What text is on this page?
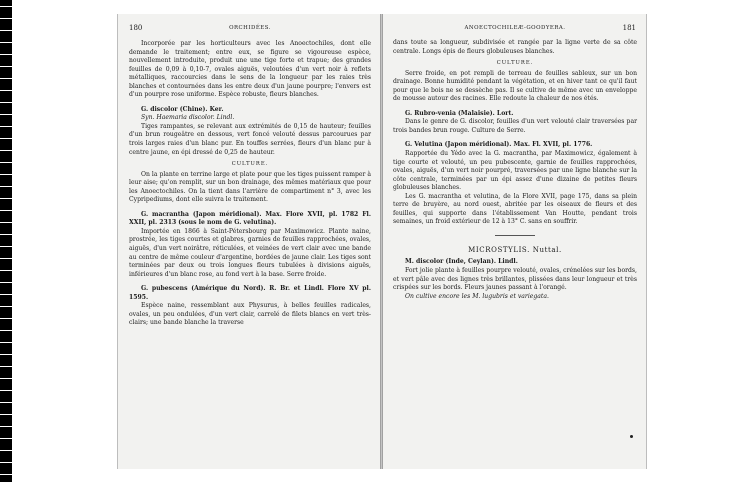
180	ORCHIDÉES.

Incorporée par les horticulteurs avec les Anoectochiles, dont elle demande le traitement; entre eux, se figure se vigoureuse espèce, nouvellement introduite, produit une une tige forte et trapue; des grandes feuilles de 0,09 à 0,10-7, ovales aiguës, veloutées d'un vert noir à reflets métalliques, raccourcies dans le sens de la longueur par les raies très blanches et contournées dans les entre deux d'un jaune pourpre; l'envers est d'un pourpre rose uniforme. Espèce robuste, fleurs blanches.

G. discolor (Chine). Ker.

Syn. Haemaria discolor. Lindl.

Tiges rampantes, se relevant aux extrémités de 0,15 de hauteur; feuilles d'un brun rougeâtre en dessous, vert foncé velouté dessus parcourues par trois larges raies d'un blanc pur. En touffes serrées, fleurs d'un blanc pur à centre jaune, en épi dressé de 0,25 de hauteur.

CULTURE.

On la plante en terrine large et plate pour que les tiges puissent ramper à leur aise; qu'on remplit, sur un bon drainage, des mêmes matériaux que pour les Anoectochiles. On la tient dans l'arrière de compartiment n° 3, avec les Cypripediums, dont elle suivra le traitement.

G. macrantha (Japon méridional). Max. Flore XVII, pl. 1782 Fl. XXII, pl. 2313 (sous le nom de G. velutina).

Importée en 1866 à Saint-Pétersbourg par Maximowicz. Plante naine, prostrée, les tiges courtes et glabres, garnies de feuilles rapprochées, ovales, aiguës, d'un vert noirâtre, réticulées, et veinées de vert clair avec une bande au centre de même couleur d'argentine, bordées de jaune clair. Les tiges sont terminées par deux ou trois longues fleurs tubulées à divisions aiguës, inférieures d'un blanc rose, au fond vert à la base. Serre froide.

G. pubescens (Amérique du Nord). R. Br. et Lindl. Flore XV pl. 1595.

Espèce naine, ressemblant aux Physurus, à belles feuilles radicales, ovales, un peu ondulées, d'un vert clair, carrelé de filets blancs en vert très-clairs; une bande blanche la traverse

ANOECTOCHILEÆ-GOODYERA.	181

dans toute sa longueur, subdivisée et rangée par la ligne verte de sa côte centrale. Longs épis de fleurs globuleuses blanches.

CULTURE.

Serre froide, en pot rempli de terreau de feuilles sableux, sur un bon drainage. Bonne humidité pendant la végétation, et en hiver tant ce qu'il faut pour que le bois ne se dessèche pas. Il se cultive de même avec un enveloppe de mousse autour des racines. Elle redoute la chaleur de nos étés.

G. Rubro-venia (Malaisie). Lort.

Dans le genre de G. discolor, feuilles d'un vert velouté clair traversées par trois bandes brun rouge. Culture de Serre.

G. Velutina (Japon méridional). Max. Fl. XVII, pl. 1776.

Rapportée du Yédo avec la G. macrantha, par Maximowicz, également à tige courte et velouté, un peu pubescente, garnie de feuilles rapprochées, ovales, aiguës, d'un vert noir pourpré, traversées par une ligne blanche sur la côte centrale, terminées par un épi assez d'une dizaine de petites fleurs globuleuses blanches.

Les G. macrantha et velutina, de la Flore XVII, page 175, dans sa plein terre de bruyère, au nord ouest, abritée par les oiseaux de fleurs et des feuilles, qui supporte dans l'établissement Van Houtte, pendant trois semaines, un froid extérieur de 12 à 13° C. sans en souffrir.

MICROSTYLIS. Nuttal.

M. discolor (Inde, Ceylan). Lindl.

Fort jolie plante à feuilles pourpre velouté, ovales, crénelées sur les bords, et vert pâle avec des lignes très brillantes, plissées dans leur longueur et très crispées sur les bords. Fleurs jaunes passant à l'orangé.

On cultive encore les M. lugubris et variegata.
